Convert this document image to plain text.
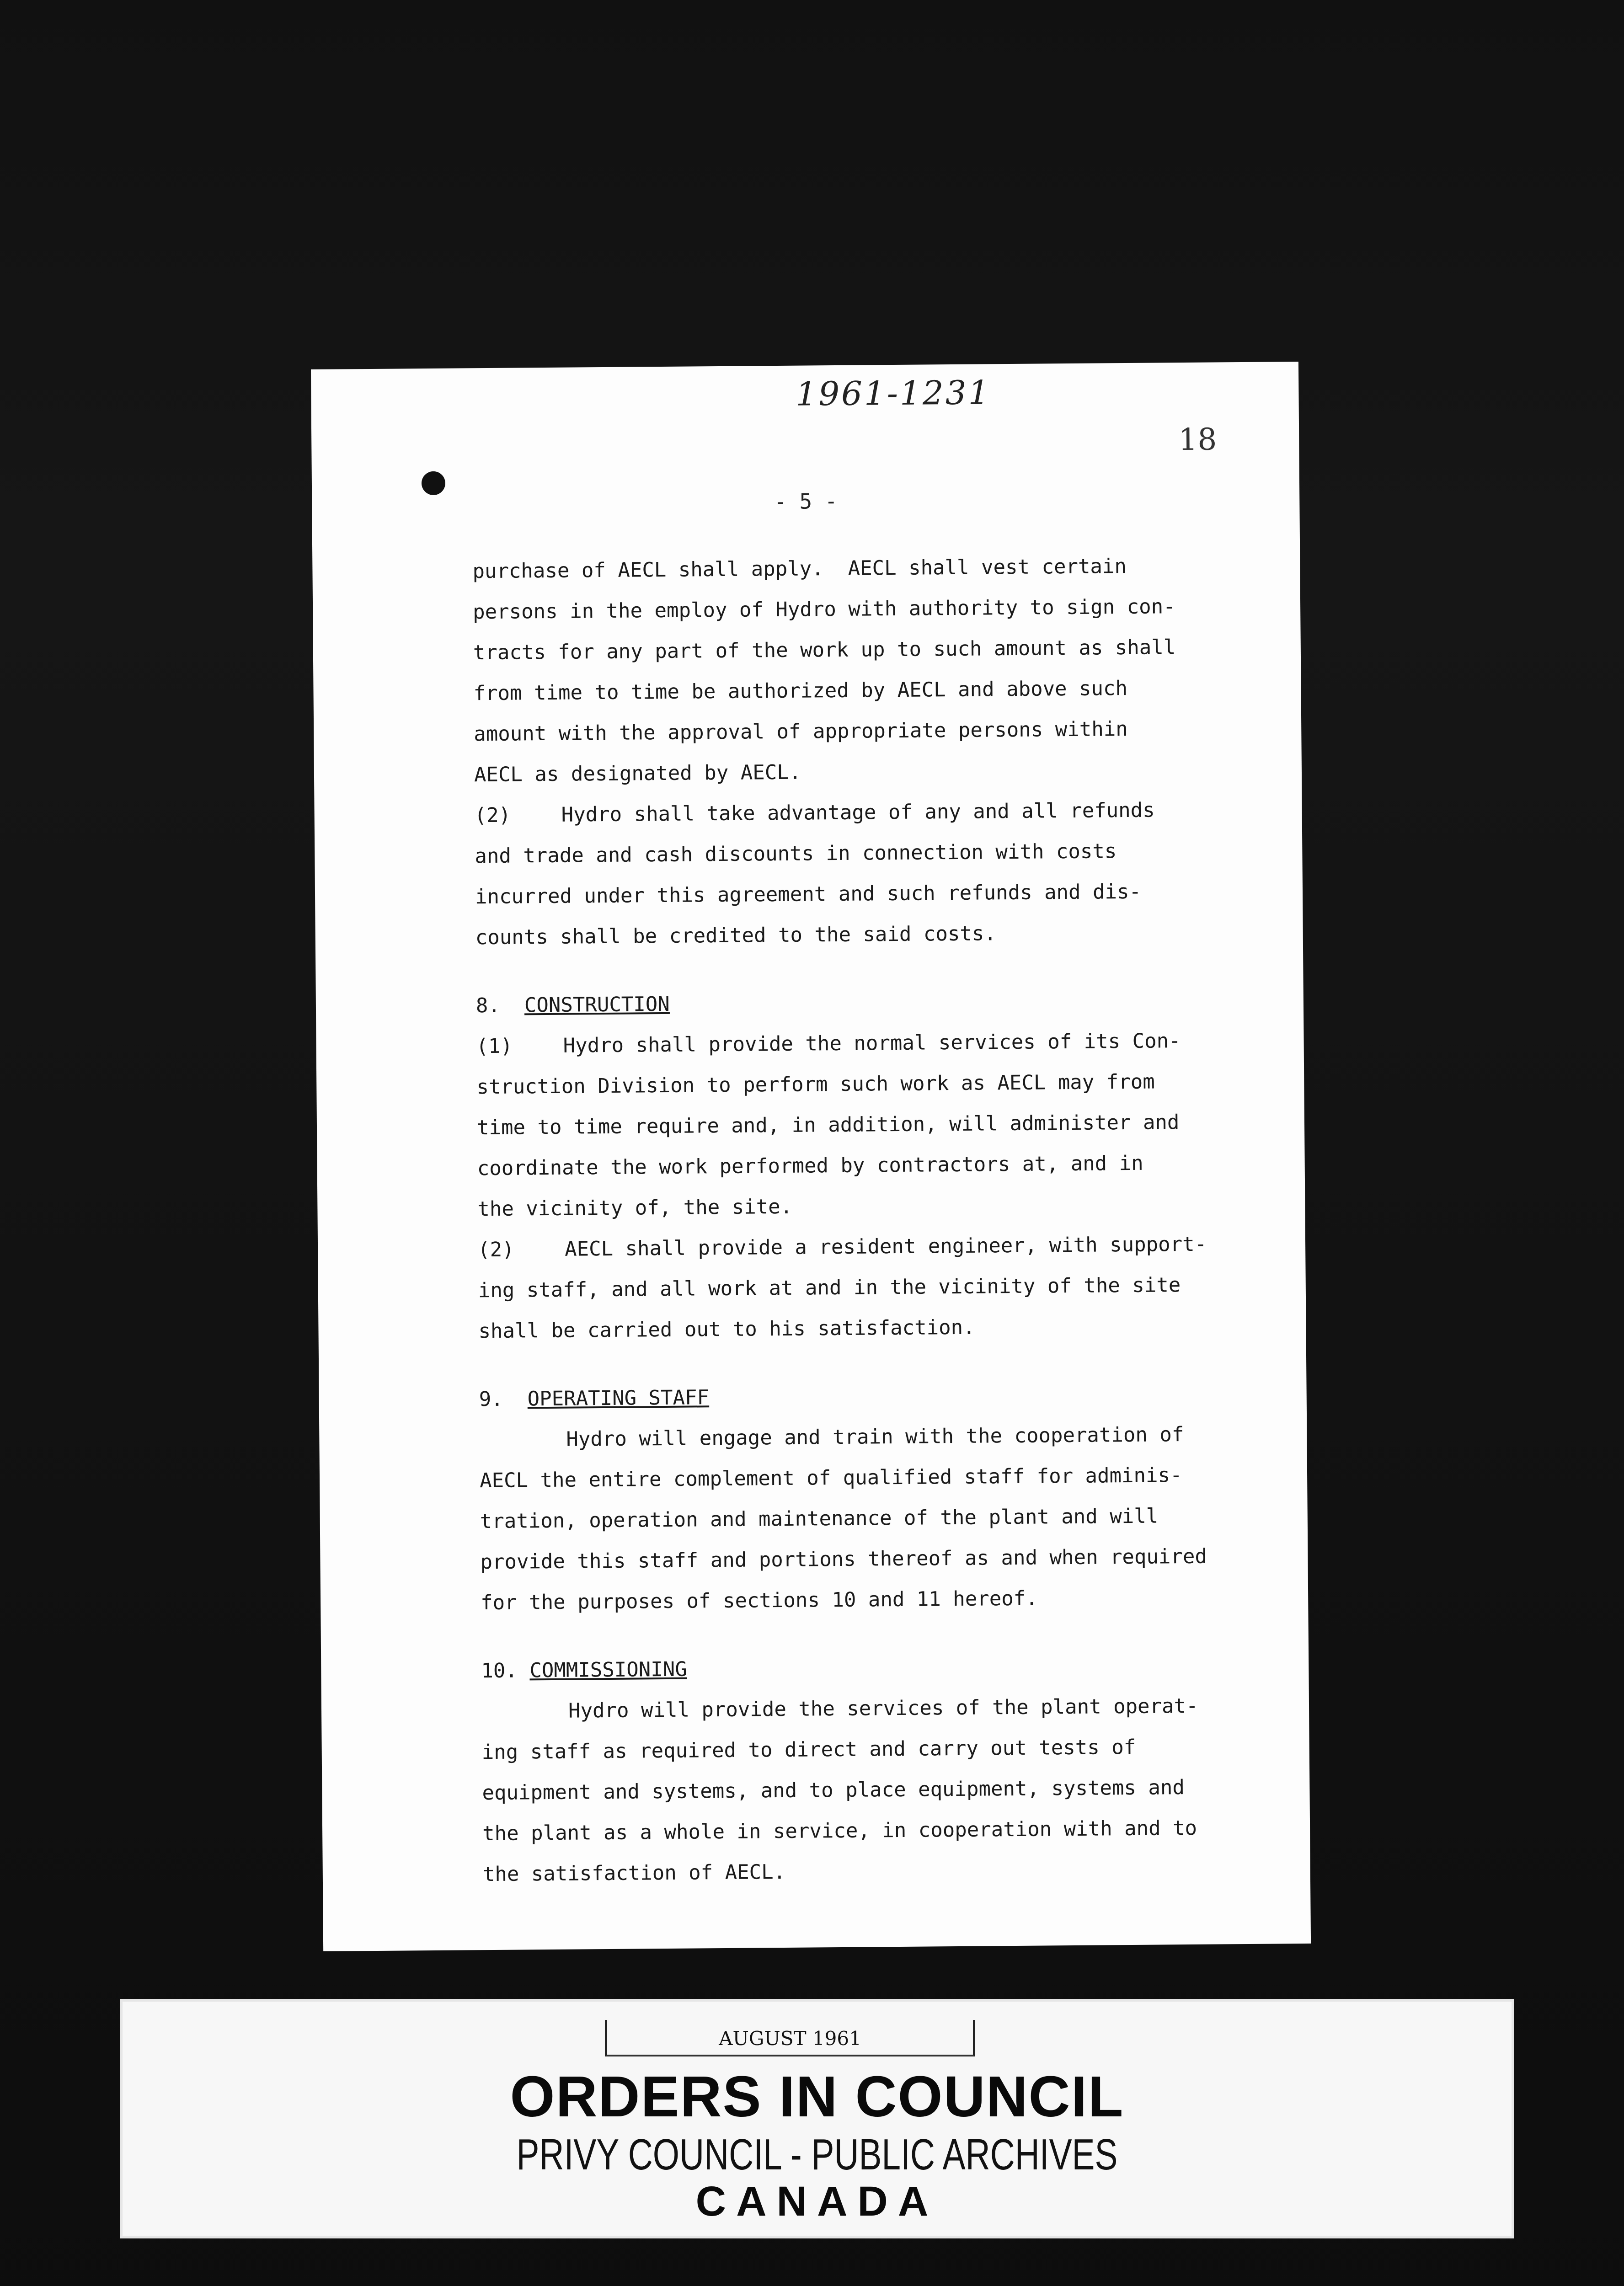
1961-1231
18
- 5 -
purchase of AECL shall apply.  AECL shall vest certain
persons in the employ of Hydro with authority to sign con-
tracts for any part of the work up to such amount as shall
from time to time be authorized by AECL and above such
amount with the approval of appropriate persons within
AECL as designated by AECL.
(2)	Hydro shall take advantage of any and all refunds
and trade and cash discounts in connection with costs
incurred under this agreement and such refunds and dis-
counts shall be credited to the said costs.
8. CONSTRUCTION
(1)	Hydro shall provide the normal services of its Con-
struction Division to perform such work as AECL may from
time to time require and, in addition, will administer and
coordinate the work performed by contractors at, and in
the vicinity of, the site.
(2)	AECL shall provide a resident engineer, with support-
ing staff, and all work at and in the vicinity of the site
shall be carried out to his satisfaction.
9. OPERATING STAFF
Hydro will engage and train with the cooperation of
AECL the entire complement of qualified staff for adminis-
tration, operation and maintenance of the plant and will
provide this staff and portions thereof as and when required
for the purposes of sections 10 and 11 hereof.
10. COMMISSIONING
Hydro will provide the services of the plant operat-
ing staff as required to direct and carry out tests of
equipment and systems, and to place equipment, systems and
the plant as a whole in service, in cooperation with and to
the satisfaction of AECL.
AUGUST 1961
ORDERS IN COUNCIL
PRIVY COUNCIL - PUBLIC ARCHIVES
CANADA
